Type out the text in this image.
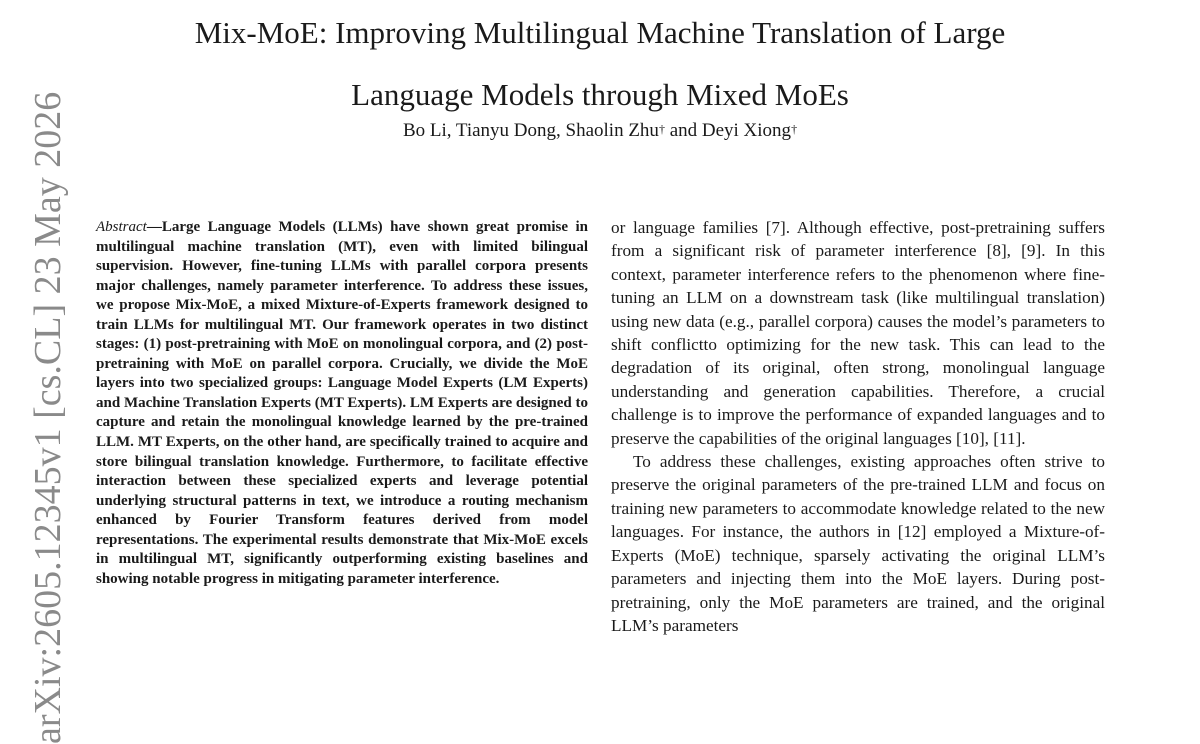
Mix-MoE: Improving Multilingual Machine Translation of Large
Language Models through Mixed MoEs
Bo Li, Tianyu Dong, Shaolin Zhu† and Deyi Xiong†
arXiv:2605.12345v1 [cs.CL] 23 May 2026 Abstract—Large Language Models (LLMs) have shown great promise in multilingual machine translation (MT), even with limited bilingual supervision. However, fine-tuning LLMs with parallel corpora presents major challenges, namely parameter interference. To address these issues, we propose Mix-MoE, a mixed Mixture-of-Experts framework designed to train LLMs for multilingual MT. Our framework operates in two distinct stages: (1) post-pretraining with MoE on monolingual corpora, and (2) post-pretraining with MoE on parallel corpora. Crucially, we divide the MoE layers into two specialized groups: Language Model Experts (LM Experts) and Machine Translation Experts (MT Experts). LM Experts are designed to capture and retain the monolingual knowledge learned by the pre-trained LLM. MT Experts, on the other hand, are specifically trained to acquire and store bilingual translation knowledge. Furthermore, to facilitate effective interaction between these specialized experts and leverage potential underlying structural patterns in text, we introduce a routing mechanism enhanced by Fourier Transform features derived from model representations. The experimental results demonstrate that Mix-MoE excels in multilingual MT, significantly outperforming existing baselines and showing notable progress in mitigating parameter interference.

or language families [7]. Although effective, post-pretraining suffers from a significant risk of parameter interference [8], [9]. In this context, parameter interference refers to the phenomenon where fine-tuning an LLM on a downstream task (like multilingual translation) using new data (e.g., parallel corpora) causes the model’s parameters to shift conflictto optimizing for the new task. This can lead to the degradation of its original, often strong, monolingual language understanding and generation capabilities. Therefore, a crucial challenge is to improve the performance of expanded languages and to preserve the capabilities of the original languages [10], [11].

To address these challenges, existing approaches often strive to preserve the original parameters of the pre-trained LLM and focus on training new parameters to accommodate knowledge related to the new languages. For instance, the authors in [12] employed a Mixture-of-Experts (MoE) technique, sparsely activating the original LLM’s parameters and injecting them into the MoE layers. During post-pretraining, only the MoE parameters are trained, and the original LLM’s parameters
